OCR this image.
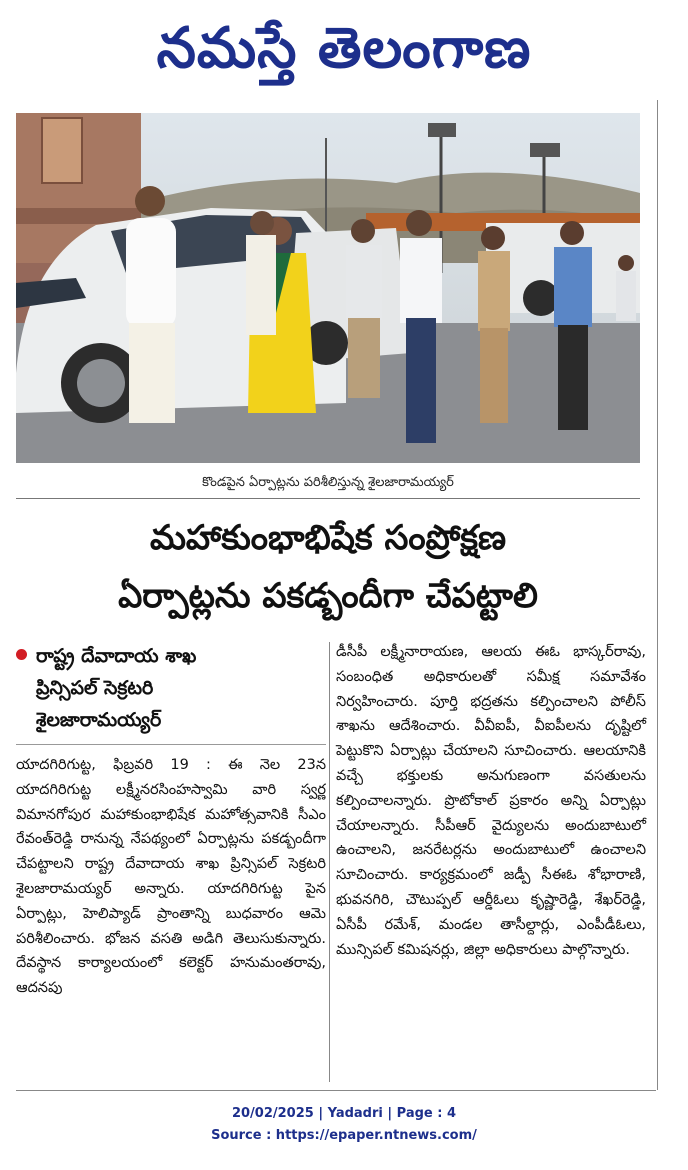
నమస్తే తెలంగాణ
కొండపైన ఏర్పాట్లను పరిశీలిస్తున్న శైలజారామయ్యర్
మహాకుంభాభిషేక సంప్రోక్షణ
ఏర్పాట్లను పకడ్బందీగా చేపట్టాలి
రాష్ట్ర దేవాదాయ శాఖ
ప్రిన్సిపల్ సెక్రటరి
శైలజారామయ్యర్
యాదగిరిగుట్ట, ఫిబ్రవరి 19 : ఈ నెల 23న యాదగిరిగుట్ట లక్ష్మీనరసింహస్వామి వారి స్వర్ణ విమానగోపుర మహాకుంభాభిషేక మహోత్సవానికి సీఎం రేవంత్‌రెడ్డి రానున్న నేపథ్యంలో ఏర్పాట్లను పకడ్బందీగా చేపట్టాలని రాష్ట్ర దేవాదాయ శాఖ ప్రిన్సిపల్ సెక్రటరి శైలజారామయ్యర్ అన్నారు. యాదగిరిగుట్ట పైన ఏర్పాట్లు, హెలిప్యాడ్ ప్రాంతాన్ని బుధవారం ఆమె పరిశీలించారు. భోజన వసతి అడిగి తెలుసుకున్నారు. దేవస్థాన కార్యాలయంలో కలెక్టర్ హనుమంతరావు, ఆదనపు
డీసీపీ లక్ష్మీనారాయణ, ఆలయ ఈఓ భాస్కర్‌రావు, సంబంధిత అధికారులతో సమీక్ష సమావేశం నిర్వహించారు. పూర్తి భద్రతను కల్పించాలని పోలీస్ శాఖను ఆదేశించారు. వీవీఐపీ, వీఐపీలను దృష్టిలో పెట్టుకొని ఏర్పాట్లు చేయాలని సూచించారు. ఆలయానికి వచ్చే భక్తులకు అనుగుణంగా వసతులను కల్పించాలన్నారు. ప్రొటోకాల్ ప్రకారం అన్ని ఏర్పాట్లు చేయాలన్నారు. సీపీఆర్ వైద్యులను అందుబాటులో ఉంచాలని, జనరేటర్లను అందుబాటులో ఉంచాలని సూచించారు. కార్యక్రమంలో జడ్పీ సీఈఓ శోభారాణి, భువనగిరి, చౌటుప్పల్ ఆర్డీఓలు కృష్ణారెడ్డి, శేఖర్‌రెడ్డి, ఏసీపీ రమేశ్, మండల తాసీల్దార్లు, ఎంపీడీఓలు, మున్సిపల్ కమిషనర్లు, జిల్లా అధికారులు పాల్గొన్నారు.
20/02/2025 | Yadadri | Page : 4
Source : https://epaper.ntnews.com/
